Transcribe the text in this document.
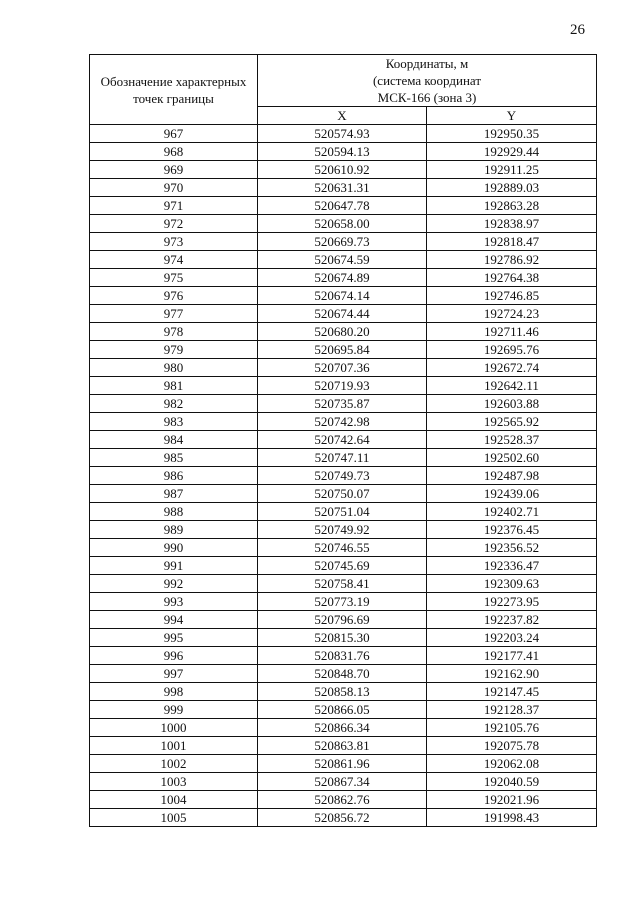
26
Обозначение характерных точек границы	Координаты, м
(система координат
МСК-166 (зона 3)	

	X	Y
967	520574.93	192950.35
968	520594.13	192929.44
969	520610.92	192911.25
970	520631.31	192889.03
971	520647.78	192863.28
972	520658.00	192838.97
973	520669.73	192818.47
974	520674.59	192786.92
975	520674.89	192764.38
976	520674.14	192746.85
977	520674.44	192724.23
978	520680.20	192711.46
979	520695.84	192695.76
980	520707.36	192672.74
981	520719.93	192642.11
982	520735.87	192603.88
983	520742.98	192565.92
984	520742.64	192528.37
985	520747.11	192502.60
986	520749.73	192487.98
987	520750.07	192439.06
988	520751.04	192402.71
989	520749.92	192376.45
990	520746.55	192356.52
991	520745.69	192336.47
992	520758.41	192309.63
993	520773.19	192273.95
994	520796.69	192237.82
995	520815.30	192203.24
996	520831.76	192177.41
997	520848.70	192162.90
998	520858.13	192147.45
999	520866.05	192128.37
1000	520866.34	192105.76
1001	520863.81	192075.78
1002	520861.96	192062.08
1003	520867.34	192040.59
1004	520862.76	192021.96
1005	520856.72	191998.43
